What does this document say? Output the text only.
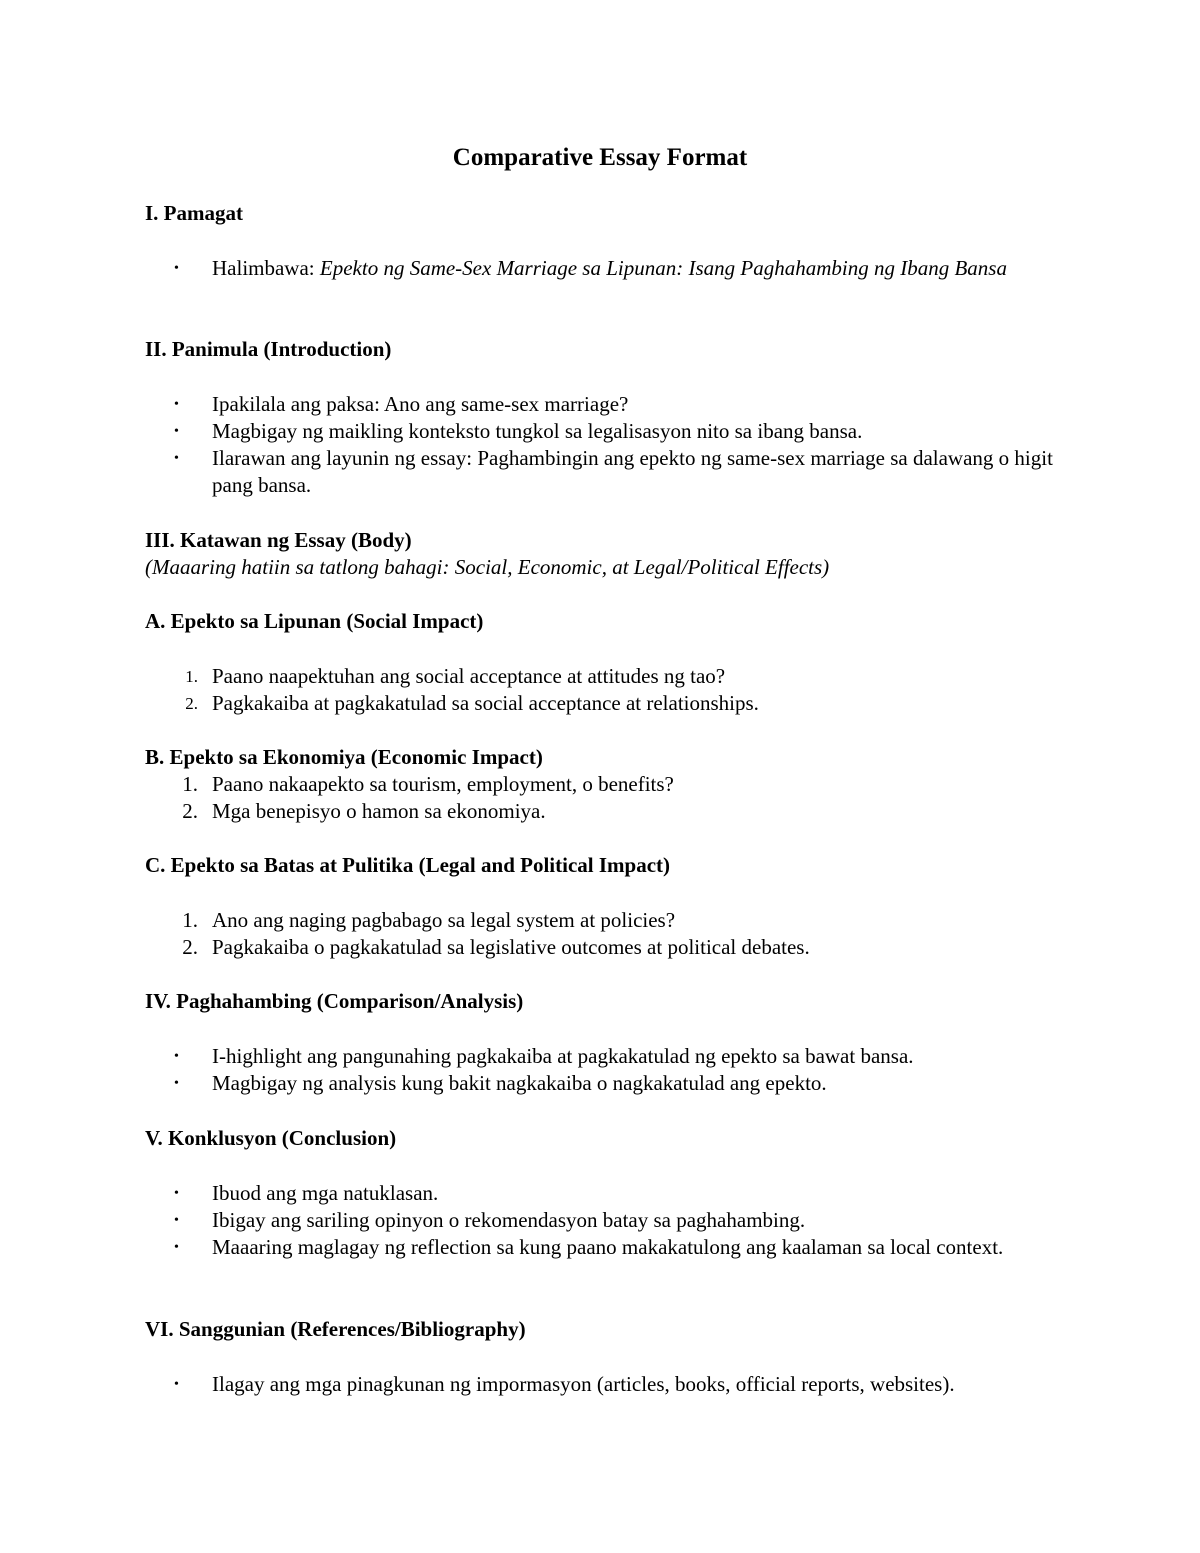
Comparative Essay Format
I. Pamagat
• Halimbawa: Epekto ng Same-Sex Marriage sa Lipunan: Isang Paghahambing ng Ibang Bansa
II. Panimula (Introduction)
• Ipakilala ang paksa: Ano ang same-sex marriage?
• Magbigay ng maikling konteksto tungkol sa legalisasyon nito sa ibang bansa.
• Ilarawan ang layunin ng essay: Paghambingin ang epekto ng same-sex marriage sa dalawang o higit pang bansa.
III. Katawan ng Essay (Body)
(Maaaring hatiin sa tatlong bahagi: Social, Economic, at Legal/Political Effects)
A. Epekto sa Lipunan (Social Impact)
1. Paano naapektuhan ang social acceptance at attitudes ng tao?
2. Pagkakaiba at pagkakatulad sa social acceptance at relationships.
B. Epekto sa Ekonomiya (Economic Impact)
1. Paano nakaapekto sa tourism, employment, o benefits?
2. Mga benepisyo o hamon sa ekonomiya.
C. Epekto sa Batas at Pulitika (Legal and Political Impact)
1. Ano ang naging pagbabago sa legal system at policies?
2. Pagkakaiba o pagkakatulad sa legislative outcomes at political debates.
IV. Paghahambing (Comparison/Analysis)
• I-highlight ang pangunahing pagkakaiba at pagkakatulad ng epekto sa bawat bansa.
• Magbigay ng analysis kung bakit nagkakaiba o nagkakatulad ang epekto.
V. Konklusyon (Conclusion)
• Ibuod ang mga natuklasan.
• Ibigay ang sariling opinyon o rekomendasyon batay sa paghahambing.
• Maaaring maglagay ng reflection sa kung paano makakatulong ang kaalaman sa local context.
VI. Sanggunian (References/Bibliography)
• Ilagay ang mga pinagkunan ng impormasyon (articles, books, official reports, websites).
